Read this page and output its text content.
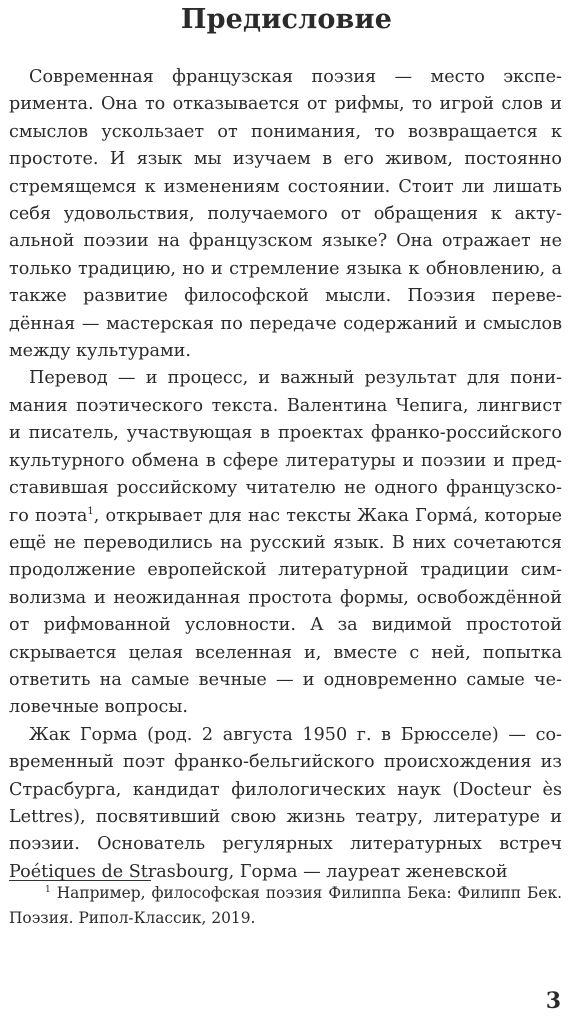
Предисловие

Современная французская поэзия — место эксперимента. Она то отказывается от рифмы, то игрой слов и смыслов ускользает от понимания, то возвращается к простоте. И язык мы изучаем в его живом, постоянно стремящемся к изменениям состоянии. Стоит ли лишать себя удовольствия, получаемого от обращения к актуальной поэзии на французском языке? Она отражает не только традицию, но и стремление языка к обновлению, а также развитие философской мысли. Поэзия переведённая — мастерская по передаче содержаний и смыслов между культурами.

Перевод — и процесс, и важный результат для понимания поэтического текста. Валентина Чепига, лингвист и писатель, участвующая в проектах франко-российского культурного обмена в сфере литературы и поэзии и представившая российскому читателю не одного французского поэта$^1$, открывает для нас тексты Жака Гормá, которые ещё не переводились на русский язык. В них сочетаются продолжение европейской литературной традиции символизма и неожиданная простота формы, освобождённой от рифмованной условности. А за видимой простотой скрывается целая вселенная и, вместе с ней, попытка ответить на самые вечные — и одновременно самые человечные вопросы.

Жак Горма (род. 2 августа 1950 г. в Брюсселе) — современный поэт франко-бельгийского происхождения из Страсбурга, кандидат филологических наук (Docteur ès Lettres), посвятивший свою жизнь театру, литературе и поэзии. Основатель регулярных литературных встреч Poétiques de Strasbourg, Горма — лауреат женевской

$^1$ Например, философская поэзия Филиппа Бека: Филипп Бек. Поэзия. Рипол-Классик, 2019.

3
